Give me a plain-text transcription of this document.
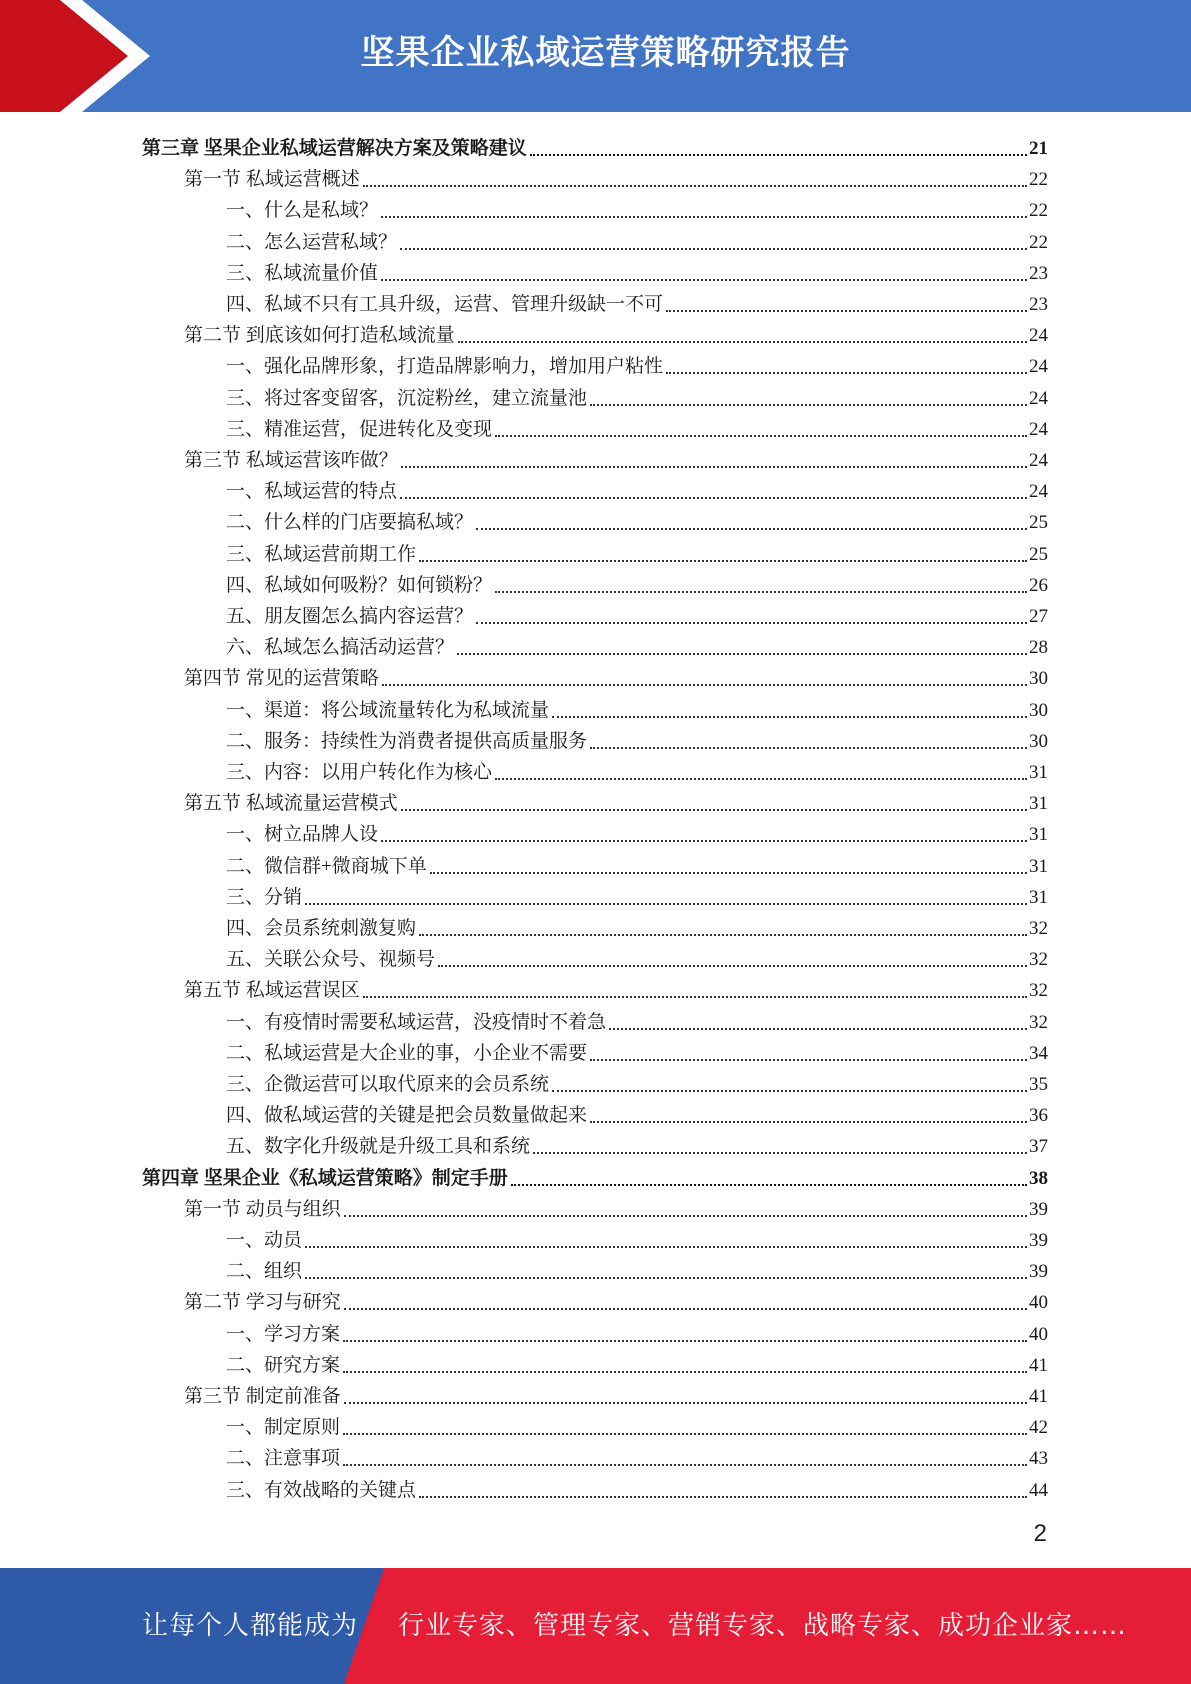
坚果企业私域运营策略研究报告
第三章 坚果企业私域运营解决方案及策略建议	21
第一节 私域运营概述	22
一、什么是私域？	22
二、怎么运营私域？	22
三、私域流量价值	23
四、私域不只有工具升级，运营、管理升级缺一不可	23
第二节 到底该如何打造私域流量	24
一、强化品牌形象，打造品牌影响力，增加用户粘性	24
三、将过客变留客，沉淀粉丝，建立流量池	24
三、精准运营，促进转化及变现	24
第三节 私域运营该咋做？	24
一、私域运营的特点	24
二、什么样的门店要搞私域？	25
三、私域运营前期工作	25
四、私域如何吸粉？如何锁粉？	26
五、朋友圈怎么搞内容运营？	27
六、私域怎么搞活动运营？	28
第四节 常见的运营策略	30
一、渠道：将公域流量转化为私域流量	30
二、服务：持续性为消费者提供高质量服务	30
三、内容：以用户转化作为核心	31
第五节 私域流量运营模式	31
一、树立品牌人设	31
二、微信群+微商城下单	31
三、分销	31
四、会员系统刺激复购	32
五、关联公众号、视频号	32
第五节 私域运营误区	32
一、有疫情时需要私域运营，没疫情时不着急	32
二、私域运营是大企业的事，小企业不需要	34
三、企微运营可以取代原来的会员系统	35
四、做私域运营的关键是把会员数量做起来	36
五、数字化升级就是升级工具和系统	37
第四章 坚果企业《私域运营策略》制定手册	38
第一节 动员与组织	39
一、动员	39
二、组织	39
第二节 学习与研究	40
一、学习方案	40
二、研究方案	41
第三节 制定前准备	41
一、制定原则	42
二、注意事项	43
三、有效战略的关键点	44
2
让每个人都能成为 行业专家、管理专家、营销专家、战略专家、成功企业家……
